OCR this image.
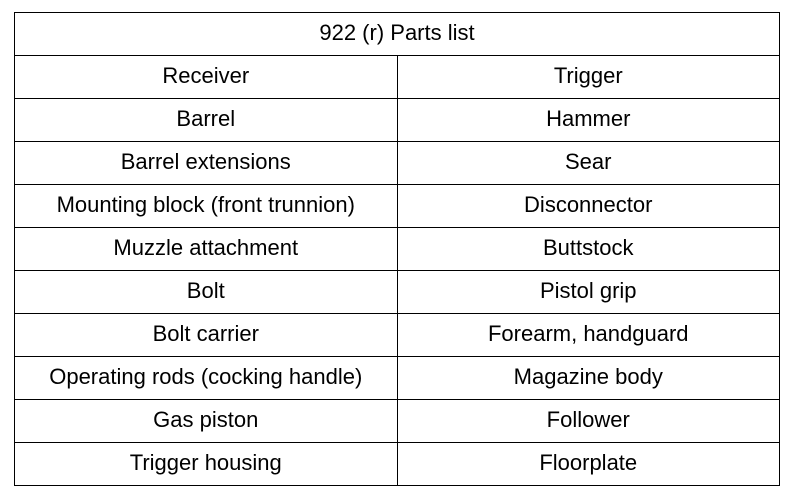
922 (r) Parts list	
Receiver	Trigger
Barrel	Hammer
Barrel extensions	Sear
Mounting block (front trunnion)	Disconnector
Muzzle attachment	Buttstock
Bolt	Pistol grip
Bolt carrier	Forearm, handguard
Operating rods (cocking handle)	Magazine body
Gas piston	Follower
Trigger housing	Floorplate
